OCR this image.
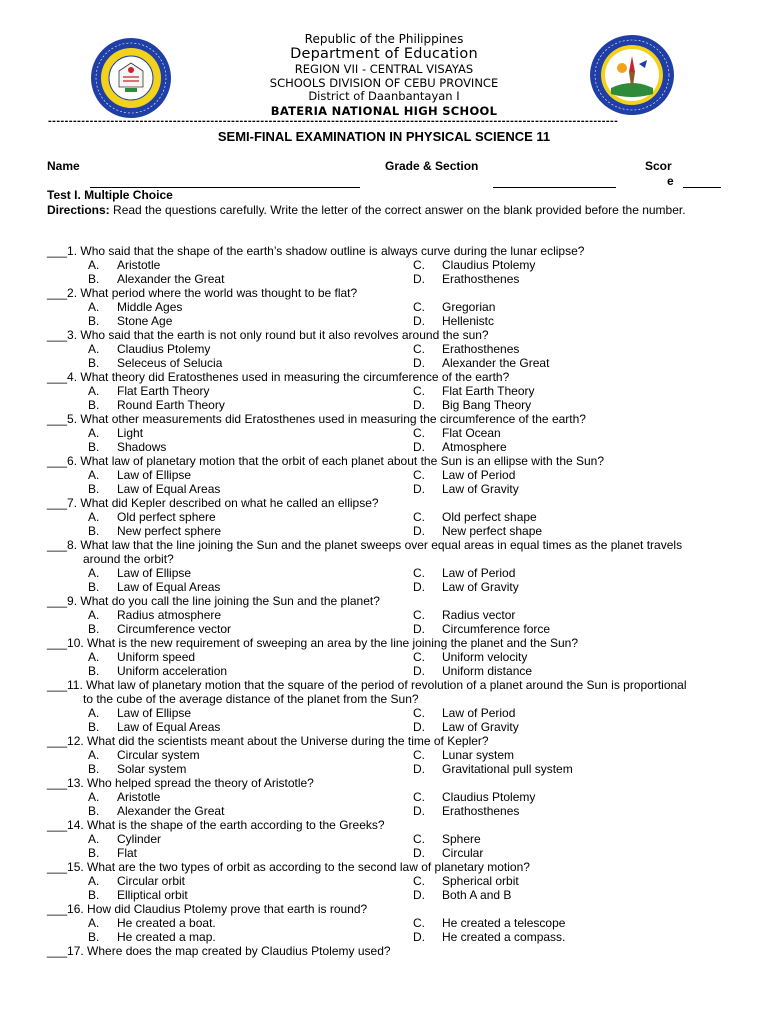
Republic of the Philippines
Department of Education
REGION VII - CENTRAL VISAYAS
SCHOOLS DIVISION OF CEBU PROVINCE
District of Daanbantayan I
BATERIA NATIONAL HIGH SCHOOL
-----------------------------------------------------------------------------------------------------------------------------------------
SEMI-FINAL EXAMINATION IN PHYSICAL SCIENCE 11
Name	Grade & Section	Scor
e
Test I. Multiple Choice
Directions: Read the questions carefully. Write the letter of the correct answer on the blank provided before the number.
___1. Who said that the shape of the earth’s shadow outline is always curve during the lunar eclipse?
A. Aristotle	C. Claudius Ptolemy
B. Alexander the Great	D. Erathosthenes
___2. What period where the world was thought to be flat?
A. Middle Ages	C. Gregorian
B. Stone Age	D. Hellenistc
___3. Who said that the earth is not only round but it also revolves around the sun?
A. Claudius Ptolemy	C. Erathosthenes
B. Seleceus of Selucia	D. Alexander the Great
___4. What theory did Eratosthenes used in measuring the circumference of the earth?
A. Flat Earth Theory	C. Flat Earth Theory
B. Round Earth Theory	D. Big Bang Theory
___5. What other measurements did Eratosthenes used in measuring the circumference of the earth?
A. Light	C. Flat Ocean
B. Shadows	D. Atmosphere
___6. What law of planetary motion that the orbit of each planet about the Sun is an ellipse with the Sun?
A. Law of Ellipse	C. Law of Period
B. Law of Equal Areas	D. Law of Gravity
___7. What did Kepler described on what he called an ellipse?
A. Old perfect sphere	C. Old perfect shape
B. New perfect sphere	D. New perfect shape
___8. What law that the line joining the Sun and the planet sweeps over equal areas in equal times as the planet travels
around the orbit?
A. Law of Ellipse	C. Law of Period
B. Law of Equal Areas	D. Law of Gravity
___9. What do you call the line joining the Sun and the planet?
A. Radius atmosphere	C. Radius vector
B. Circumference vector	D. Circumference force
___10. What is the new requirement of sweeping an area by the line joining the planet and the Sun?
A. Uniform speed	C. Uniform velocity
B. Uniform acceleration	D. Uniform distance
___11. What law of planetary motion that the square of the period of revolution of a planet around the Sun is proportional
to the cube of the average distance of the planet from the Sun?
A. Law of Ellipse	C. Law of Period
B. Law of Equal Areas	D. Law of Gravity
___12. What did the scientists meant about the Universe during the time of Kepler?
A. Circular system	C. Lunar system
B. Solar system	D. Gravitational pull system
___13. Who helped spread the theory of Aristotle?
A. Aristotle	C. Claudius Ptolemy
B. Alexander the Great	D. Erathosthenes
___14. What is the shape of the earth according to the Greeks?
A. Cylinder	C. Sphere
B. Flat	D. Circular
___15. What are the two types of orbit as according to the second law of planetary motion?
A. Circular orbit	C. Spherical orbit
B. Elliptical orbit	D. Both A and B
___16. How did Claudius Ptolemy prove that earth is round?
A. He created a boat.	C. He created a telescope
B. He created a map.	D. He created a compass.
___17. Where does the map created by Claudius Ptolemy used?
